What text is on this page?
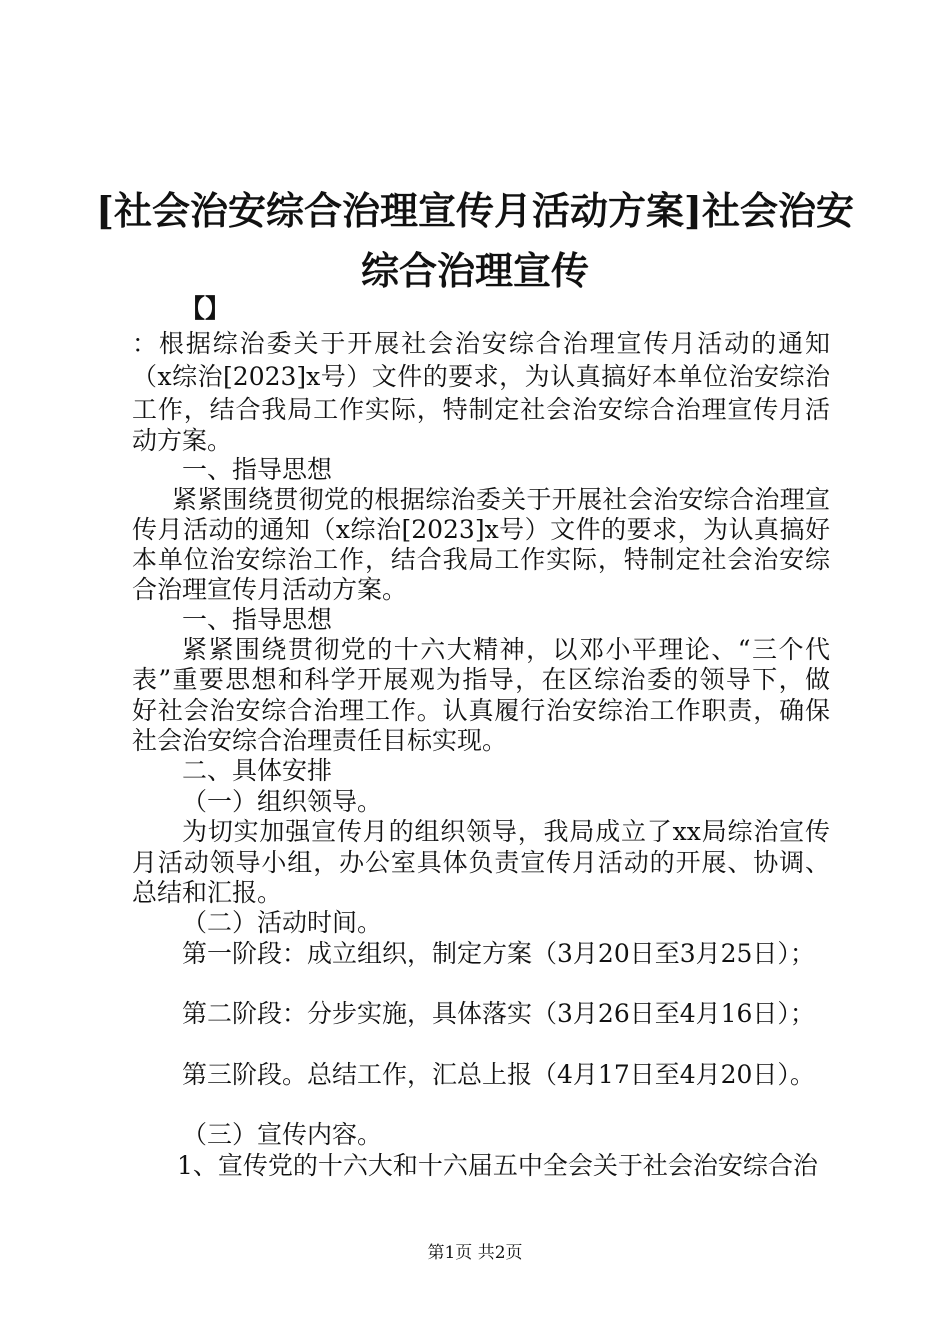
[社会治安综合治理宣传月活动方案]社会治安
综合治理宣传

【】

：根据综治委关于开展社会治安综合治理宣传月活动的通知

（x综治[2023]x号）文件的要求，为认真搞好本单位治安综治

工作，结合我局工作实际，特制定社会治安综合治理宣传月活

动方案。

一、指导思想

紧紧围绕贯彻党的根据综治委关于开展社会治安综合治理宣

传月活动的通知（x综治[2023]x号）文件的要求，为认真搞好

本单位治安综治工作，结合我局工作实际，特制定社会治安综

合治理宣传月活动方案。

一、指导思想

紧紧围绕贯彻党的十六大精神，以邓小平理论、“三个代

表”重要思想和科学开展观为指导，在区综治委的领导下，做

好社会治安综合治理工作。认真履行治安综治工作职责，确保

社会治安综合治理责任目标实现。

二、具体安排

（一）组织领导。

为切实加强宣传月的组织领导，我局成立了xx局综治宣传

月活动领导小组，办公室具体负责宣传月活动的开展、协调、

总结和汇报。

（二）活动时间。

第一阶段：成立组织，制定方案（3月20日至3月25日）；

第二阶段：分步实施，具体落实（3月26日至4月16日）；

第三阶段。总结工作，汇总上报（4月17日至4月20日）。

（三）宣传内容。

1、宣传党的十六大和十六届五中全会关于社会治安综合治

第1页 共2页
